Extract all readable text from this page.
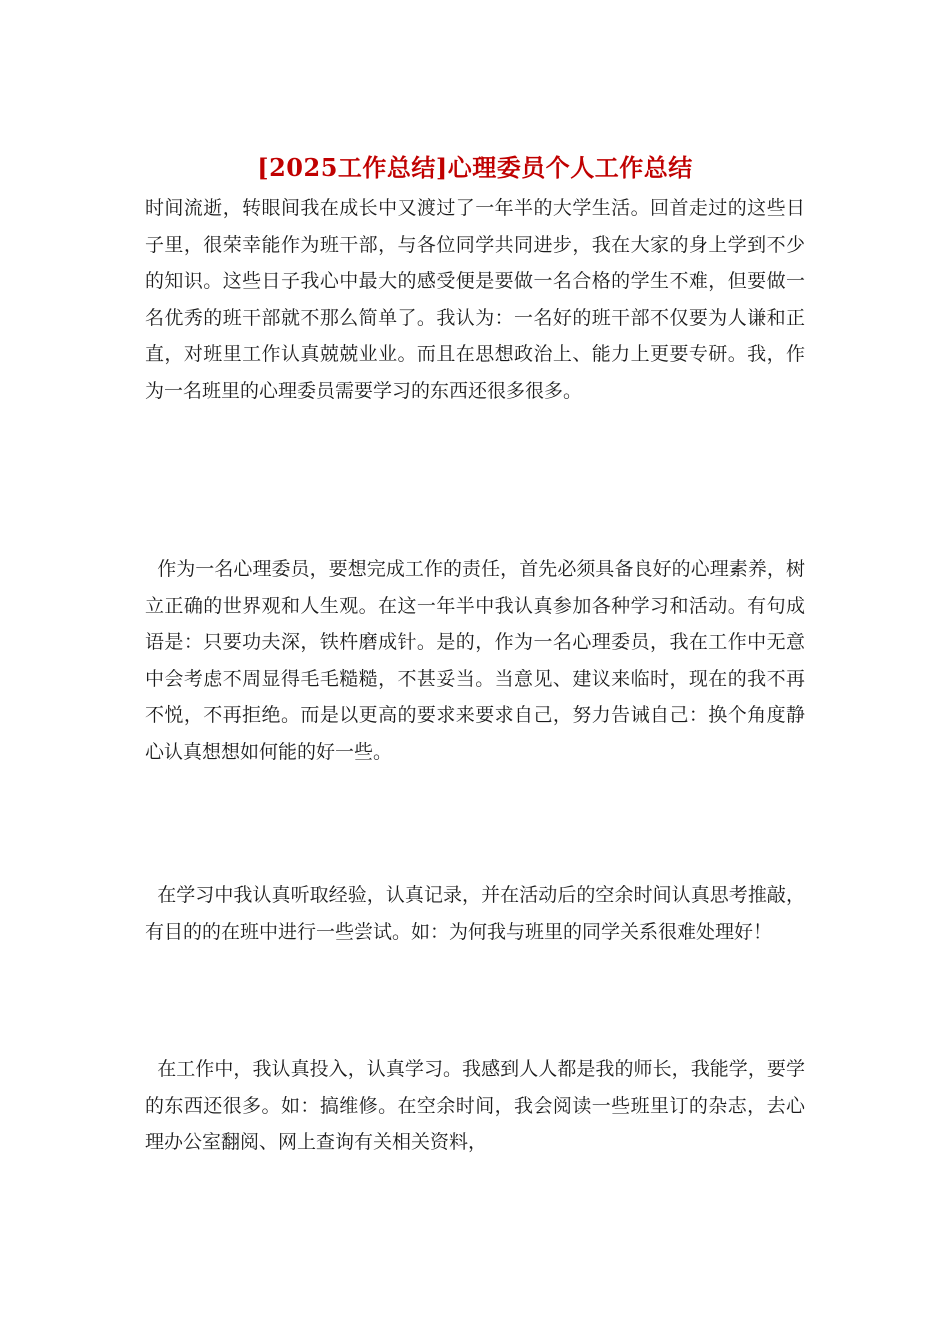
[2025工作总结]心理委员个人工作总结

时间流逝，转眼间我在成长中又渡过了一年半的大学生活。回首走过的这些日子里，很荣幸能作为班干部，与各位同学共同进步，我在大家的身上学到不少的知识。这些日子我心中最大的感受便是要做一名合格的学生不难，但要做一名优秀的班干部就不那么简单了。我认为：一名好的班干部不仅要为人谦和正直，对班里工作认真兢兢业业。而且在思想政治上、能力上更要专研。我，作为一名班里的心理委员需要学习的东西还很多很多。

作为一名心理委员，要想完成工作的责任，首先必须具备良好的心理素养，树立正确的世界观和人生观。在这一年半中我认真参加各种学习和活动。有句成语是：只要功夫深，铁杵磨成针。是的，作为一名心理委员，我在工作中无意中会考虑不周显得毛毛糙糙，不甚妥当。当意见、建议来临时，现在的我不再不悦，不再拒绝。而是以更高的要求来要求自己，努力告诫自己：换个角度静心认真想想如何能的好一些。

在学习中我认真听取经验，认真记录，并在活动后的空余时间认真思考推敲，有目的的在班中进行一些尝试。如：为何我与班里的同学关系很难处理好！

在工作中，我认真投入，认真学习。我感到人人都是我的师长，我能学，要学的东西还很多。如：搞维修。在空余时间，我会阅读一些班里订的杂志，去心理办公室翻阅、网上查询有关相关资料，
